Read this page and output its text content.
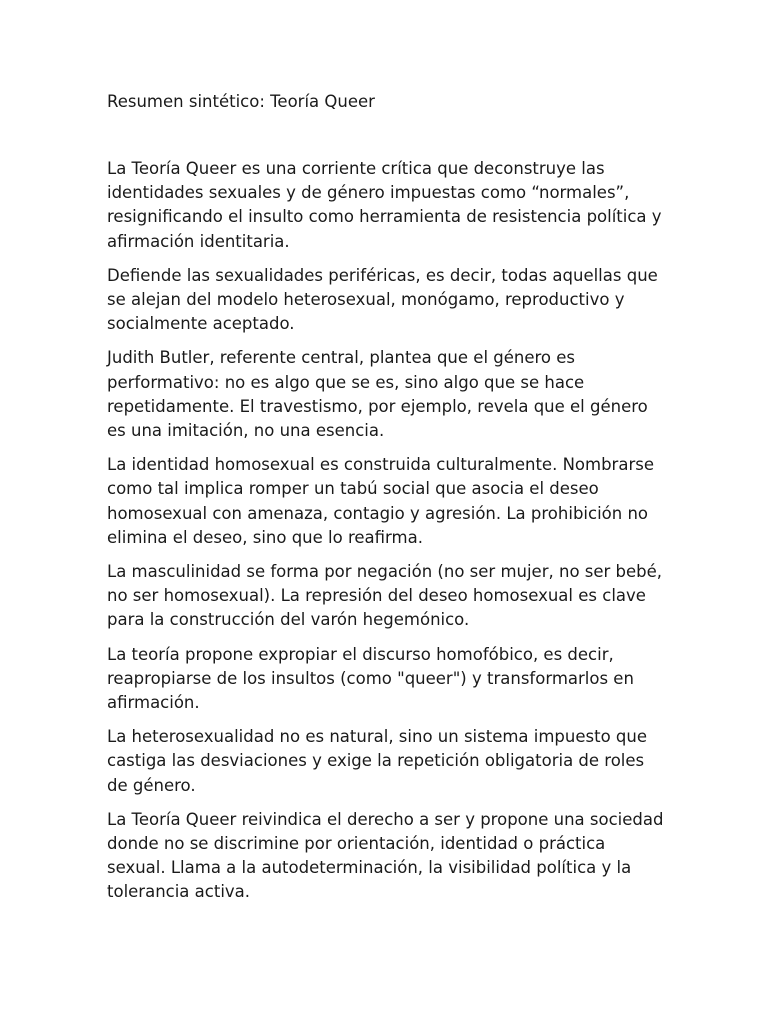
Resumen sintético: Teoría Queer

La Teoría Queer es una corriente crítica que deconstruye las identidades sexuales y de género impuestas como “normales”, resignificando el insulto como herramienta de resistencia política y afirmación identitaria.

Defiende las sexualidades periféricas, es decir, todas aquellas que se alejan del modelo heterosexual, monógamo, reproductivo y socialmente aceptado.

Judith Butler, referente central, plantea que el género es performativo: no es algo que se es, sino algo que se hace repetidamente. El travestismo, por ejemplo, revela que el género es una imitación, no una esencia.

La identidad homosexual es construida culturalmente. Nombrarse como tal implica romper un tabú social que asocia el deseo homosexual con amenaza, contagio y agresión. La prohibición no elimina el deseo, sino que lo reafirma.

La masculinidad se forma por negación (no ser mujer, no ser bebé, no ser homosexual). La represión del deseo homosexual es clave para la construcción del varón hegemónico.

La teoría propone expropiar el discurso homofóbico, es decir, reapropiarse de los insultos (como "queer") y transformarlos en afirmación.

La heterosexualidad no es natural, sino un sistema impuesto que castiga las desviaciones y exige la repetición obligatoria de roles de género.

La Teoría Queer reivindica el derecho a ser y propone una sociedad donde no se discrimine por orientación, identidad o práctica sexual. Llama a la autodeterminación, la visibilidad política y la tolerancia activa.
